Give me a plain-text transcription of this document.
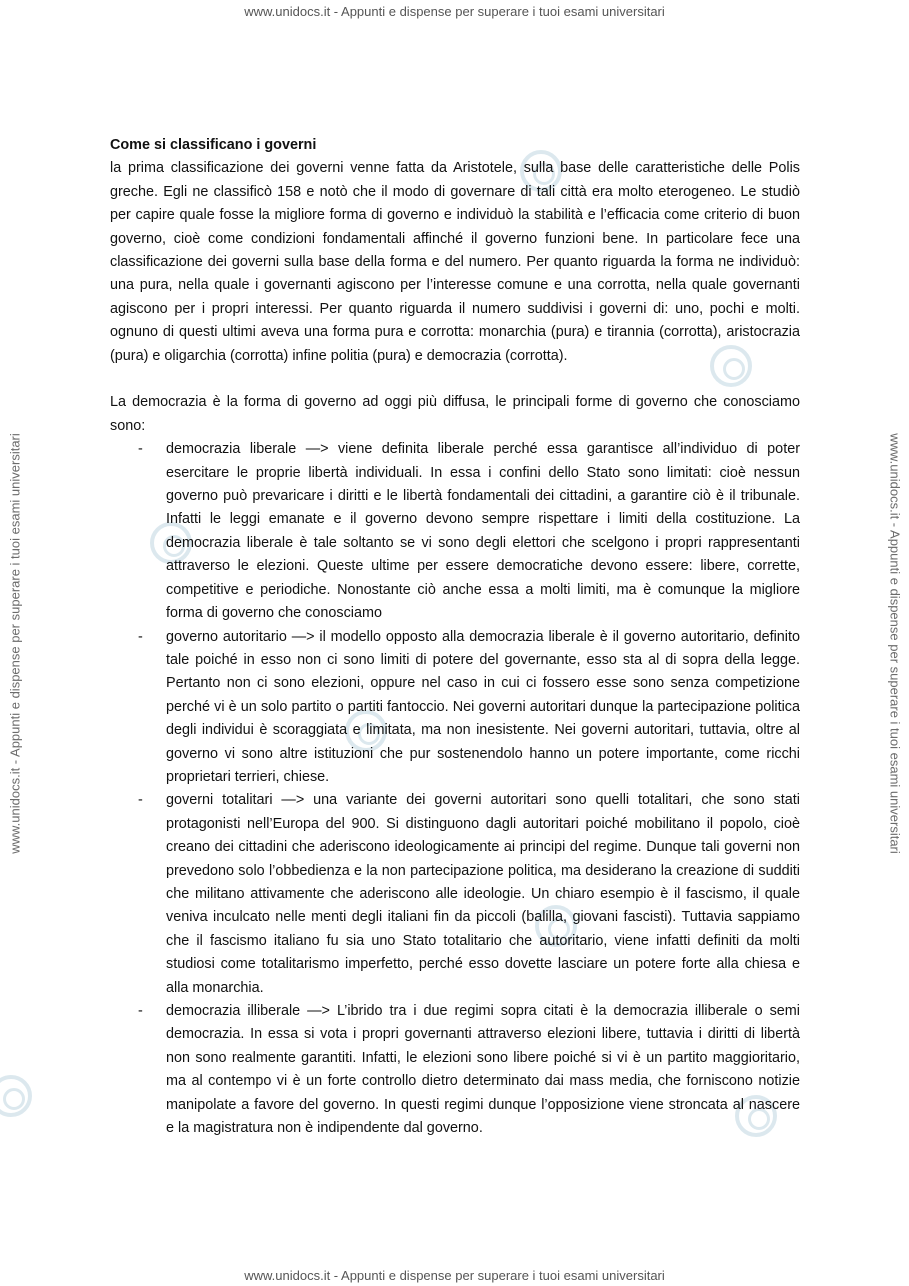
www.unidocs.it - Appunti e dispense per superare i tuoi esami universitari
www.unidocs.it - Appunti e dispense per superare i tuoi esami universitari	www.unidocs.it - Appunti e dispense per superare i tuoi esami universitari

Come si classificano i governi

la prima classificazione dei governi venne fatta da Aristotele, sulla base delle caratteristiche delle Polis greche. Egli ne classificò 158 e notò che il modo di governare di tali città era molto eterogeneo. Le studiò per capire quale fosse la migliore forma di governo e individuò la stabilità e l’efficacia come criterio di buon governo, cioè come condizioni fondamentali affinché il governo funzioni bene. In particolare fece una classificazione dei governi sulla base della forma e del numero. Per quanto riguarda la forma ne individuò: una pura, nella quale i governanti agiscono per l’interesse comune e una corrotta, nella quale governanti agiscono per i propri interessi. Per quanto riguarda il numero suddivisi i governi di: uno, pochi e molti. ognuno di questi ultimi aveva una forma pura e corrotta: monarchia (pura) e tirannia (corrotta), aristocrazia (pura) e oligarchia (corrotta) infine politia (pura) e democrazia (corrotta).

La democrazia è la forma di governo ad oggi più diffusa, le principali forme di governo che conosciamo sono:

- democrazia liberale —> viene definita liberale perché essa garantisce all’individuo di poter esercitare le proprie libertà individuali. In essa i confini dello Stato sono limitati: cioè nessun governo può prevaricare i diritti e le libertà fondamentali dei cittadini, a garantire ciò è il tribunale. Infatti le leggi emanate e il governo devono sempre rispettare i limiti della costituzione. La democrazia liberale è tale soltanto se vi sono degli elettori che scelgono i propri rappresentanti attraverso le elezioni. Queste ultime per essere democratiche devono essere: libere, corrette, competitive e periodiche. Nonostante ciò anche essa a molti limiti, ma è comunque la migliore forma di governo che conosciamo
- governo autoritario —> il modello opposto alla democrazia liberale è il governo autoritario, definito tale poiché in esso non ci sono limiti di potere del governante, esso sta al di sopra della legge. Pertanto non ci sono elezioni, oppure nel caso in cui ci fossero esse sono senza competizione perché vi è un solo partito o partiti fantoccio. Nei governi autoritari dunque la partecipazione politica degli individui è scoraggiata e limitata, ma non inesistente. Nei governi autoritari, tuttavia, oltre al governo vi sono altre istituzioni che pur sostenendolo hanno un potere importante, come ricchi proprietari terrieri, chiese.
- governi totalitari —> una variante dei governi autoritari sono quelli totalitari, che sono stati protagonisti nell’Europa del 900. Si distinguono dagli autoritari poiché mobilitano il popolo, cioè creano dei cittadini che aderiscono ideologicamente ai principi del regime. Dunque tali governi non prevedono solo l’obbedienza e la non partecipazione politica, ma desiderano la creazione di sudditi che militano attivamente che aderiscono alle ideologie. Un chiaro esempio è il fascismo, il quale veniva inculcato nelle menti degli italiani fin da piccoli (balilla, giovani fascisti). Tuttavia sappiamo che il fascismo italiano fu sia uno Stato totalitario che autoritario, viene infatti definiti da molti studiosi come totalitarismo imperfetto, perché esso dovette lasciare un potere forte alla chiesa e alla monarchia.
- democrazia illiberale —> L’ibrido tra i due regimi sopra citati è la democrazia illiberale o semi democrazia. In essa si vota i propri governanti attraverso elezioni libere, tuttavia i diritti di libertà non sono realmente garantiti. Infatti, le elezioni sono libere poiché si vi è un partito maggioritario, ma al contempo vi è un forte controllo dietro determinato dai mass media, che forniscono notizie manipolate a favore del governo. In questi regimi dunque l’opposizione viene stroncata al nascere e la magistratura non è indipendente dal governo.
www.unidocs.it - Appunti e dispense per superare i tuoi esami universitari
